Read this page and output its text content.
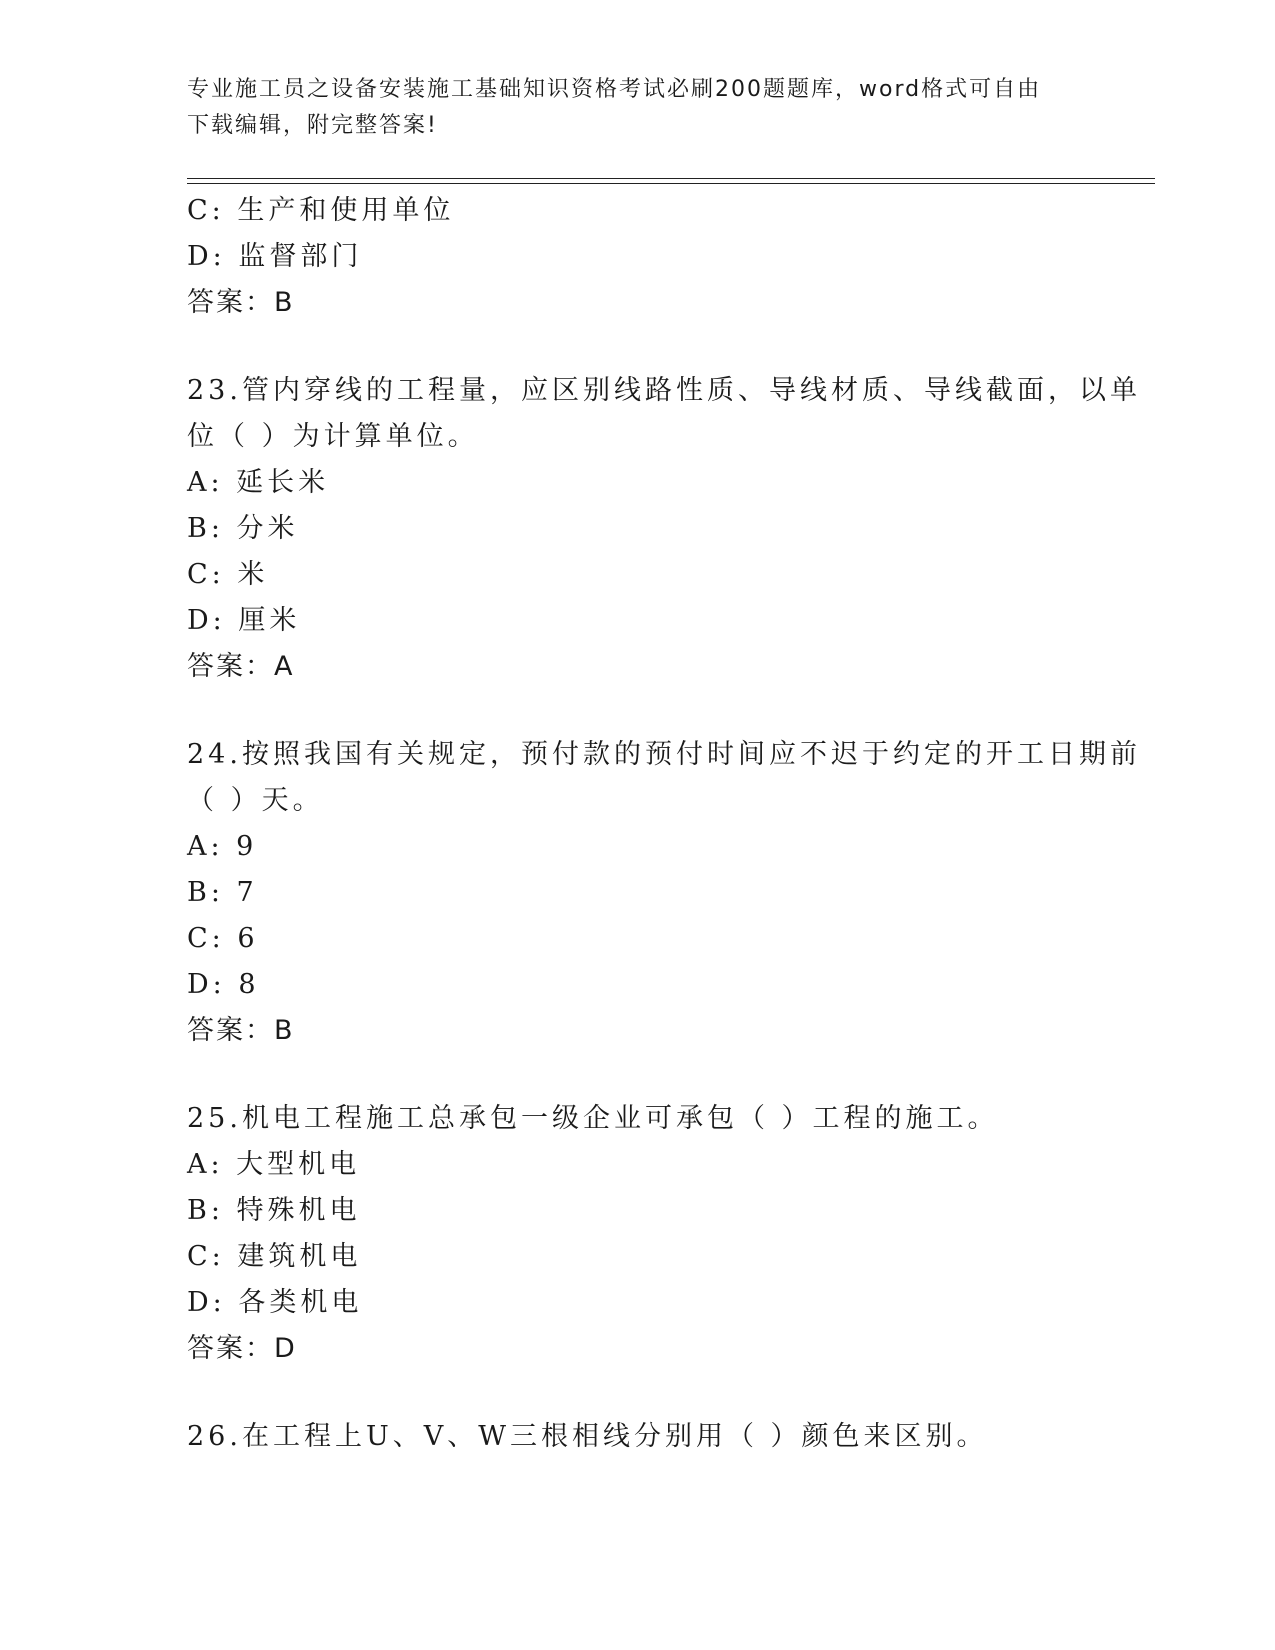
专业施工员之设备安装施工基础知识资格考试必刷200题题库，word格式可自由
下载编辑，附完整答案!
C: 生产和使用单位
D: 监督部门
答案：B
23.管内穿线的工程量，应区别线路性质、导线材质、导线截面，以单
位（ ）为计算单位。
A: 延长米
B: 分米
C: 米
D: 厘米
答案：A
24.按照我国有关规定，预付款的预付时间应不迟于约定的开工日期前
（ ）天。
A: 9
B: 7
C: 6
D: 8
答案：B
25.机电工程施工总承包一级企业可承包（ ）工程的施工。
A: 大型机电
B: 特殊机电
C: 建筑机电
D: 各类机电
答案：D
26.在工程上U、V、W三根相线分别用（ ）颜色来区别。
